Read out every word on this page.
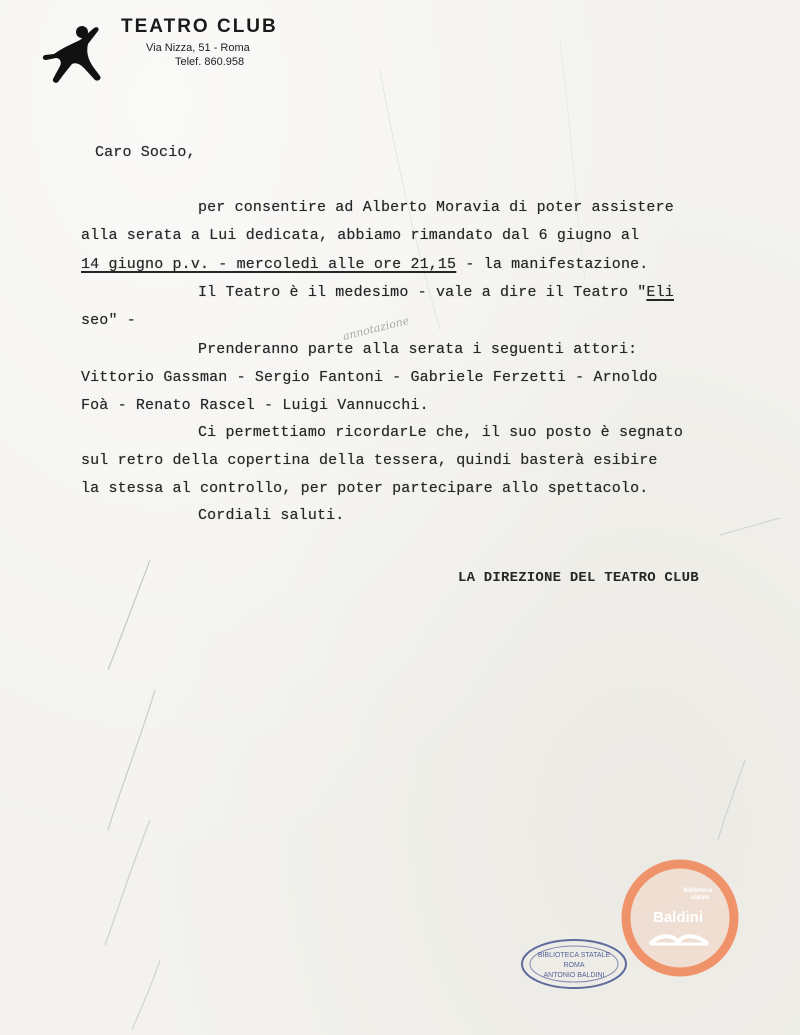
TEATRO CLUB
Via Nizza, 51 - Roma
Telef. 860.958
Caro Socio,
per consentire ad Alberto Moravia di poter assistere
alla serata a Lui dedicata, abbiamo rimandato dal 6 giugno al
14 giugno p.v. - mercoledì alle ore 21,15 - la manifestazione.
Il Teatro è il medesimo - vale a dire il Teatro "Eli
seo" -	annotazione
Prenderanno parte alla serata i seguenti attori:
Vittorio Gassman - Sergio Fantoni - Gabriele Ferzetti - Arnoldo
Foà - Renato Rascel - Luigi Vannucchi.
Ci permettiamo ricordarLe che, il suo posto è segnato
sul retro della copertina della tessera, quindi basterà esibire
la stessa al controllo, per poter partecipare allo spettacolo.
Cordiali saluti.
LA DIREZIONE DEL TEATRO CLUB
BIBLIOTECA STATALE
ROMA
ANTONIO BALDINI
Biblioteca
statale
Baldini
